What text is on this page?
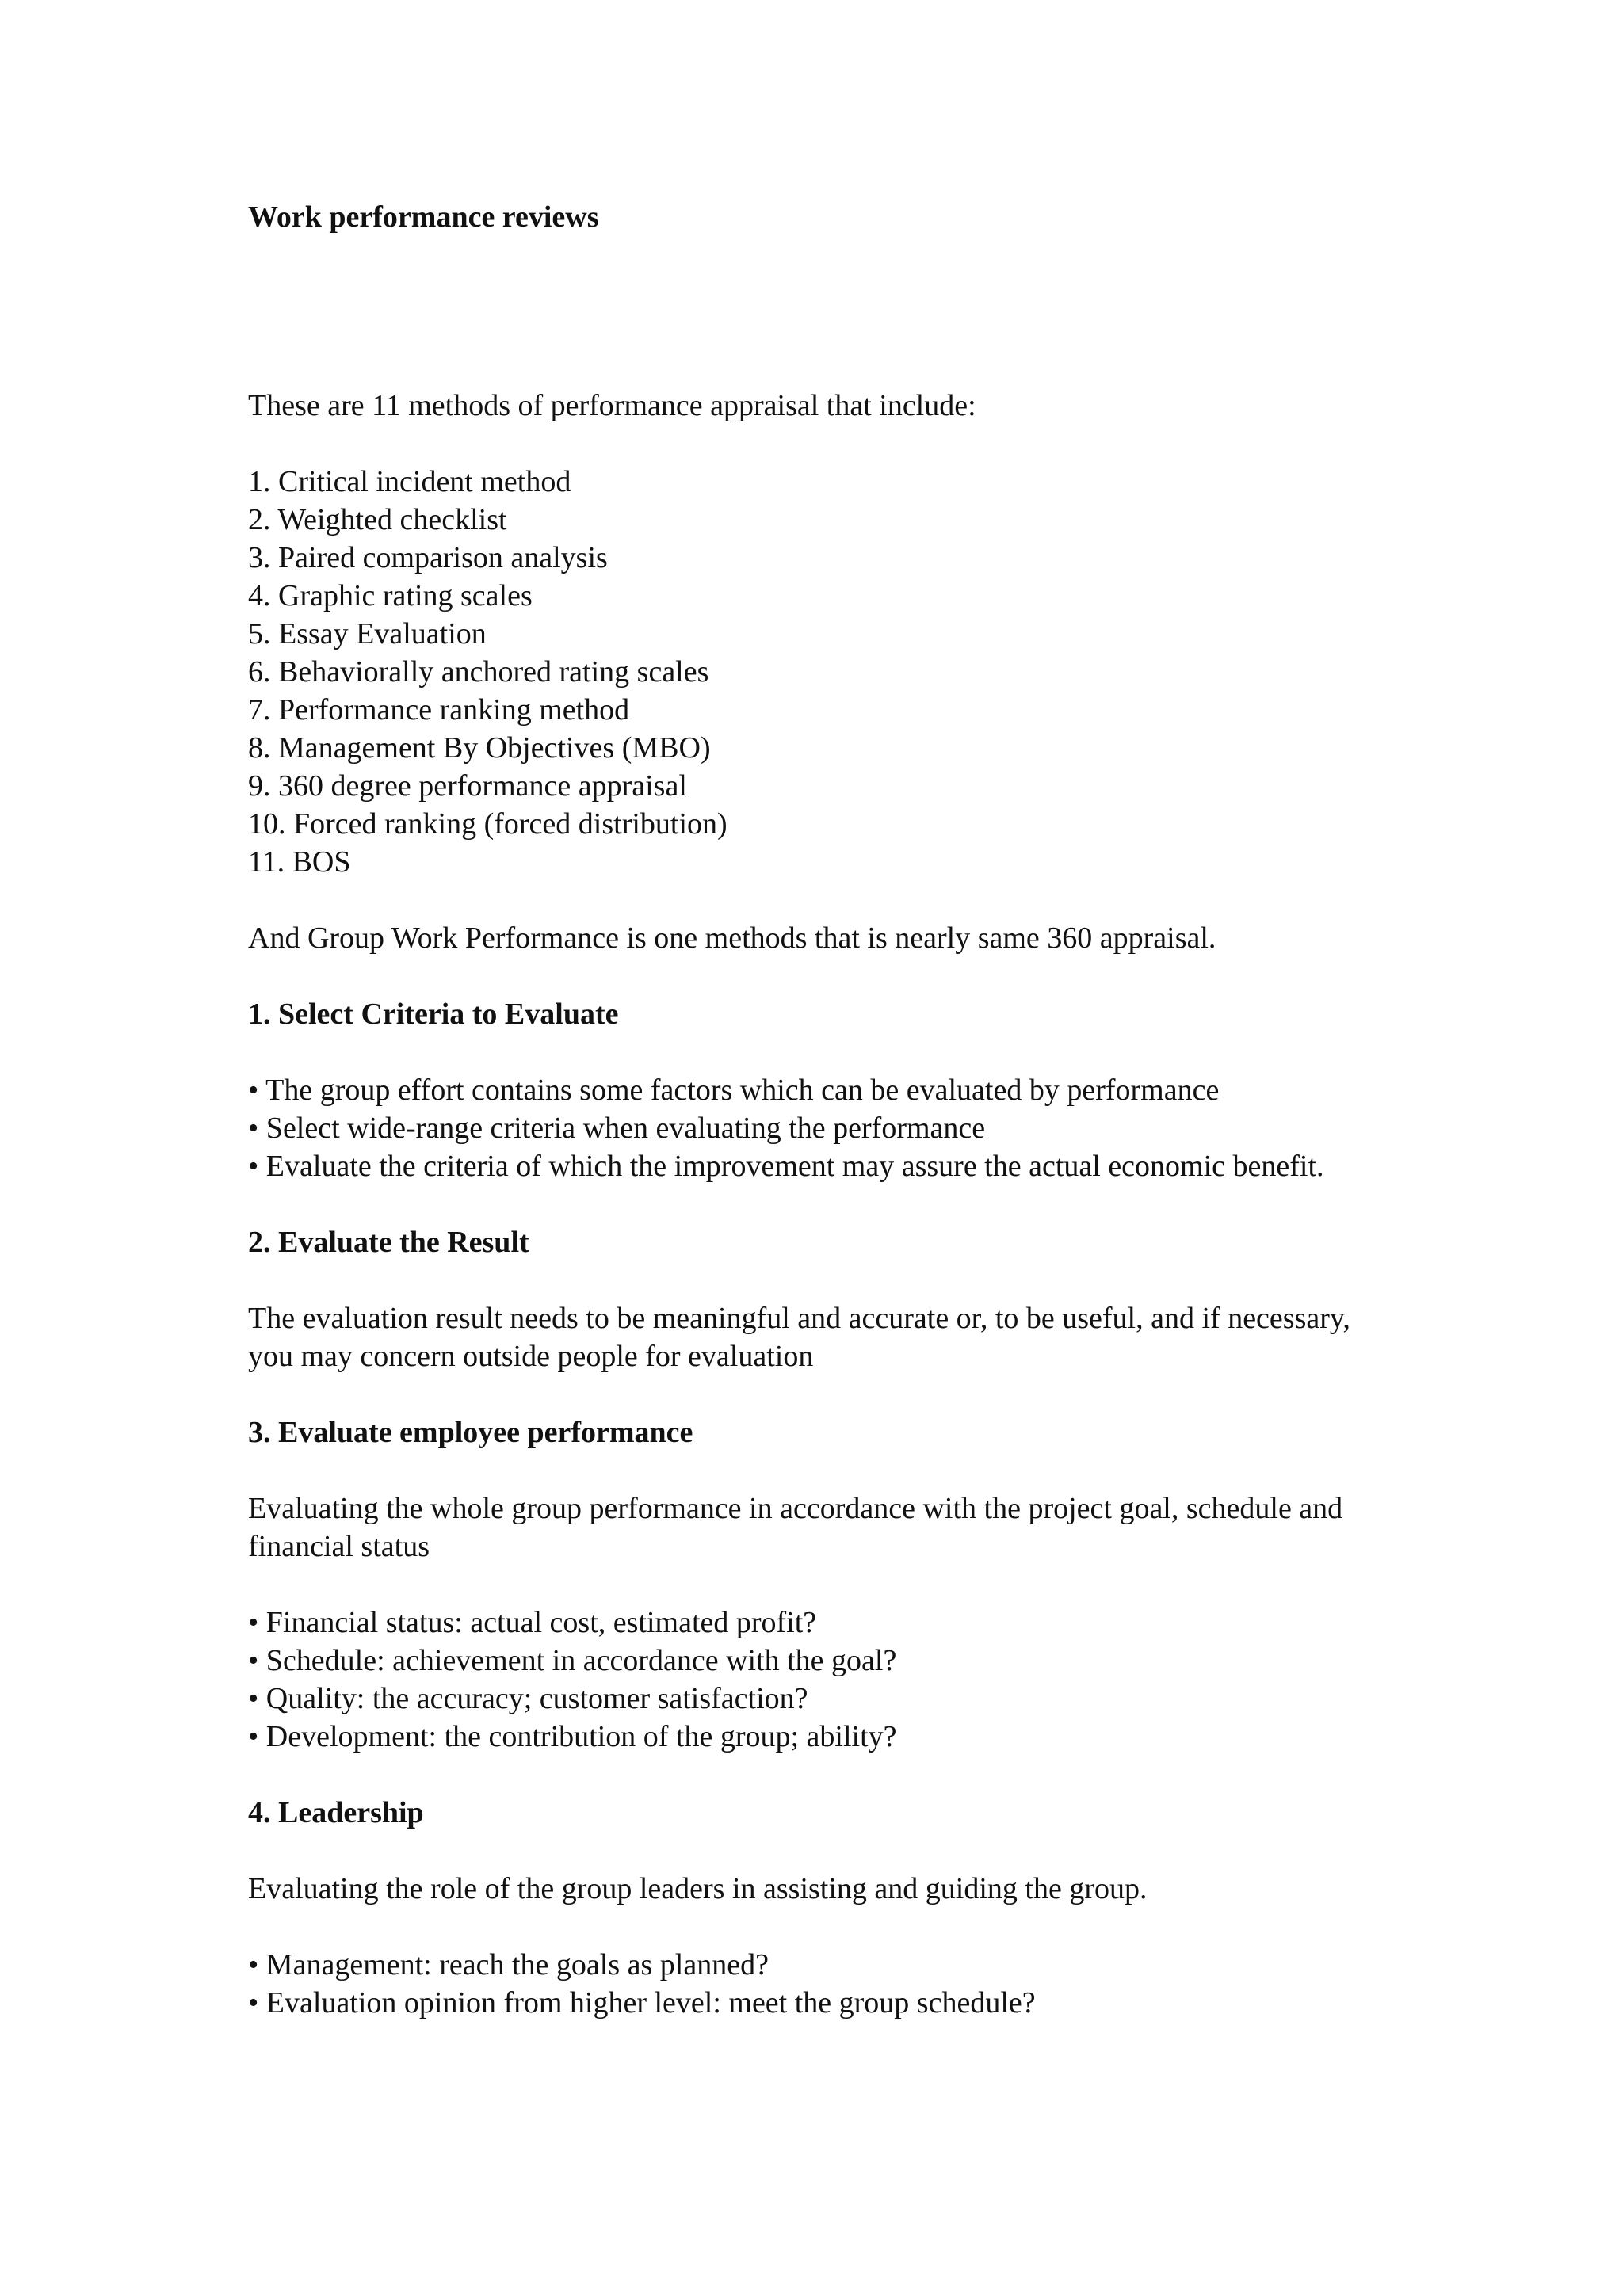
Work performance reviews
These are 11 methods of performance appraisal that include:
1. Critical incident method
2. Weighted checklist
3. Paired comparison analysis
4. Graphic rating scales
5. Essay Evaluation
6. Behaviorally anchored rating scales
7. Performance ranking method
8. Management By Objectives (MBO)
9. 360 degree performance appraisal
10. Forced ranking (forced distribution)
11. BOS
And Group Work Performance is one methods that is nearly same 360 appraisal.
1. Select Criteria to Evaluate
• The group effort contains some factors which can be evaluated by performance
• Select wide-range criteria when evaluating the performance
• Evaluate the criteria of which the improvement may assure the actual economic benefit.
2. Evaluate the Result
The evaluation result needs to be meaningful and accurate or, to be useful, and if necessary, you may concern outside people for evaluation
3. Evaluate employee performance
Evaluating the whole group performance in accordance with the project goal, schedule and financial status
• Financial status: actual cost, estimated profit?
• Schedule: achievement in accordance with the goal?
• Quality: the accuracy; customer satisfaction?
• Development: the contribution of the group; ability?
4. Leadership
Evaluating the role of the group leaders in assisting and guiding the group.
• Management: reach the goals as planned?
• Evaluation opinion from higher level: meet the group schedule?
